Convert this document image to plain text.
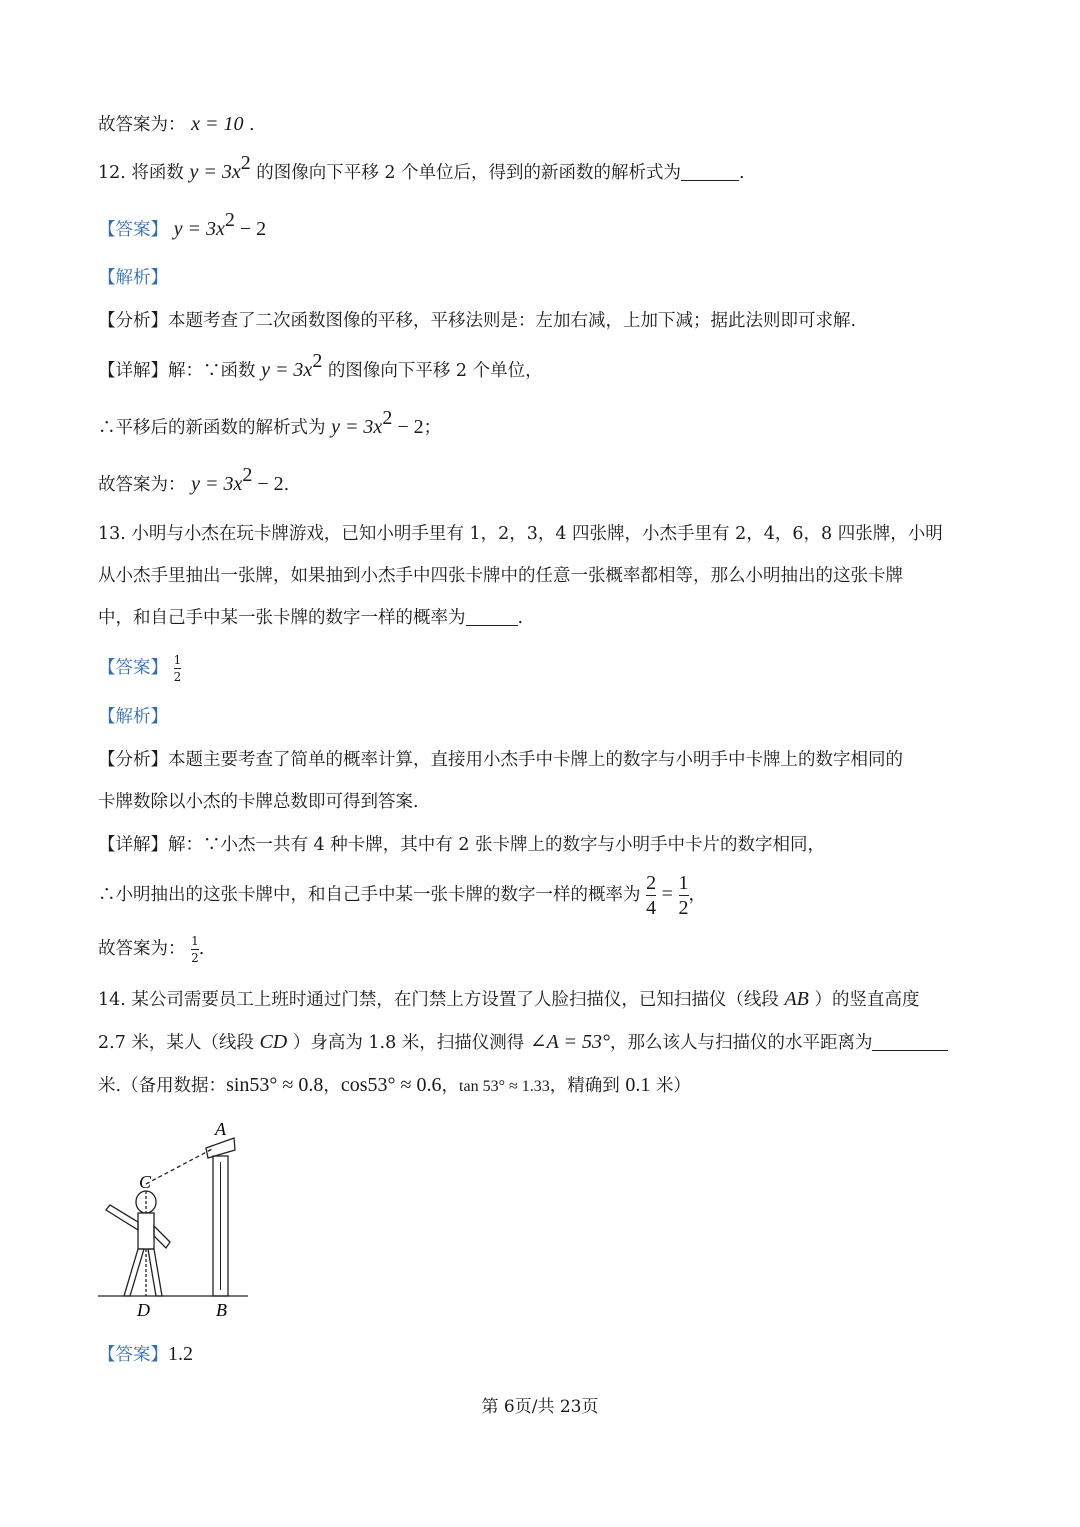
故答案为： x = 10 .
12. 将函数 $y = 3x^2$ 的图像向下平移 2 个单位后，得到的新函数的解析式为	.
【答案】 $y = 3x^2 - 2$
【解析】
【分析】本题考查了二次函数图像的平移，平移法则是：左加右减，上加下减；据此法则即可求解.
【详解】解：∵函数 $y = 3x^2$ 的图像向下平移 2 个单位，
∴平移后的新函数的解析式为 $y = 3x^2 - 2$；
故答案为： $y = 3x^2 - 2$.
13. 小明与小杰在玩卡牌游戏，已知小明手里有 1，2，3，4 四张牌，小杰手里有 2，4，6，8 四张牌，小明
从小杰手里抽出一张牌，如果抽到小杰手中四张卡牌中的任意一张概率都相等，那么小明抽出的这张卡牌
中，和自己手中某一张卡牌的数字一样的概率为	.
【答案】 $\frac{1}{2}$
【解析】
【分析】本题主要考查了简单的概率计算，直接用小杰手中卡牌上的数字与小明手中卡牌上的数字相同的
卡牌数除以小杰的卡牌总数即可得到答案.
【详解】解：∵小杰一共有 4 种卡牌，其中有 2 张卡牌上的数字与小明手中卡片的数字相同，
∴小明抽出的这张卡牌中，和自己手中某一张卡牌的数字一样的概率为 $\frac{2}{4} = \frac{1}{2}$ ，
故答案为： $\frac{1}{2}$ .
14. 某公司需要员工上班时通过门禁，在门禁上方设置了人脸扫描仪，已知扫描仪（线段 AB ）的竖直高度
2.7 米，某人（线段 CD ）身高为 1.8 米，扫描仪测得 ∠A = 53°，那么该人与扫描仪的水平距离为
米.（备用数据：sin53° ≈ 0.8，cos53° ≈ 0.6，tan 53° ≈ 1.33，精确到 0.1 米）
A
B
C
D
【答案】1.2
第 6页/共 23页
